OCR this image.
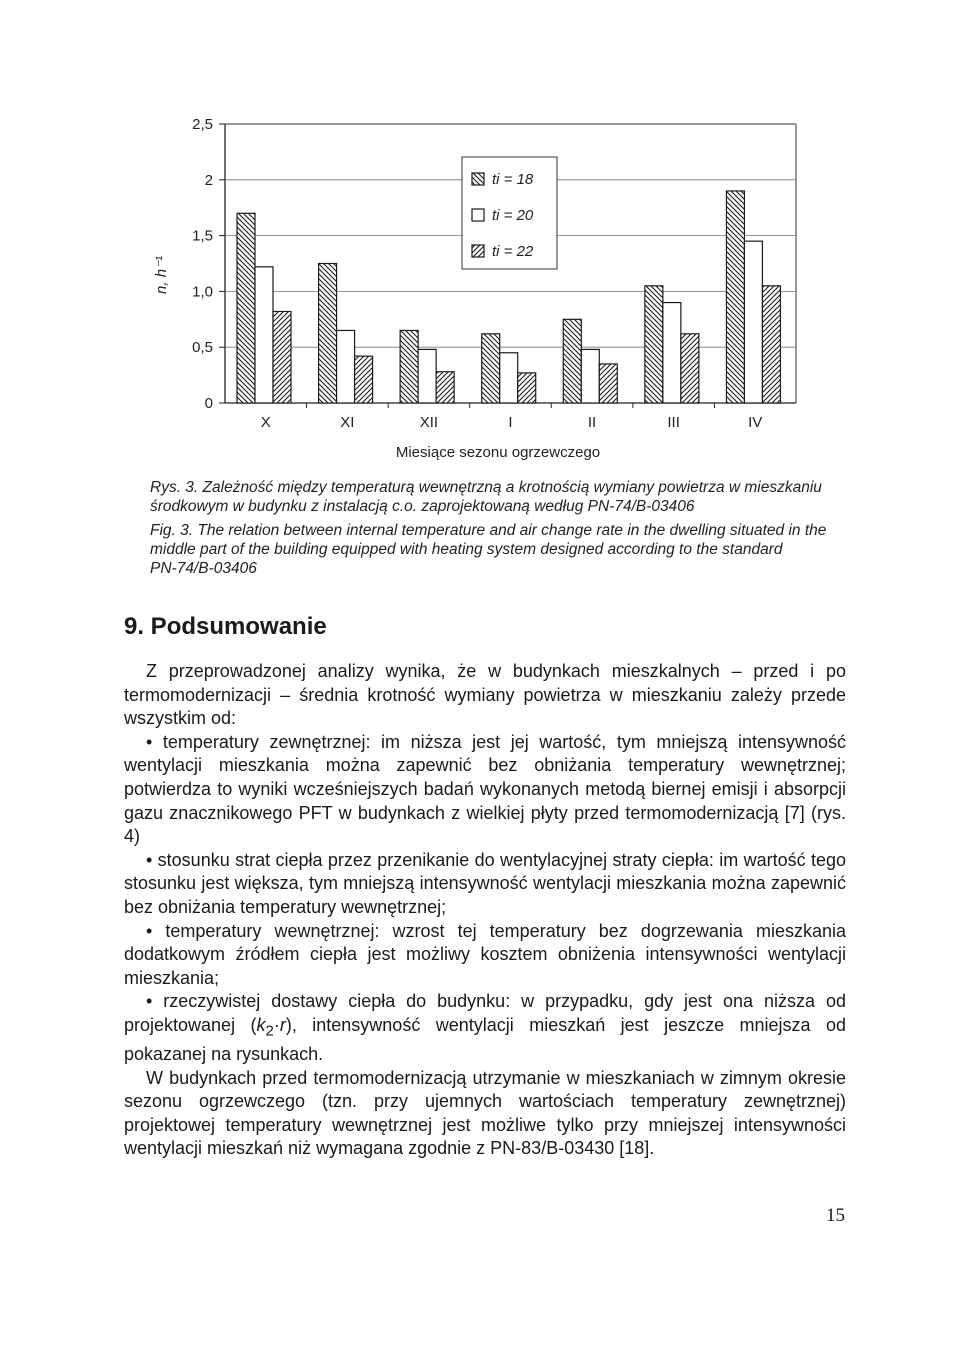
0
0,5
1,0
1,5
2
2,5
X	XI	XII	I	II	III	IV
n, h⁻¹
Miesiące sezonu ogrzewczego
ti = 18
ti = 20
ti = 22

Rys. 3. Zależność między temperaturą wewnętrzną a krotnością wymiany powietrza w mieszkaniu

środkowym w budynku z instalacją c.o. zaprojektowaną według PN-74/B-03406

Fig. 3. The relation between internal temperature and air change rate in the dwelling situated in the

middle part of the building equipped with heating system designed according to the standard

PN-74/B-03406

9. Podsumowanie

Z przeprowadzonej analizy wynika, że w budynkach mieszkalnych – przed i po termomodernizacji – średnia krotność wymiany powietrza w mieszkaniu zależy przede wszystkim od:

• temperatury zewnętrznej: im niższa jest jej wartość, tym mniejszą intensywność wentylacji mieszkania można zapewnić bez obniżania temperatury wewnętrznej; potwierdza to wyniki wcześniejszych badań wykonanych metodą biernej emisji i absorpcji gazu znacznikowego PFT w budynkach z wielkiej płyty przed termomodernizacją [7] (rys. 4)

• stosunku strat ciepła przez przenikanie do wentylacyjnej straty ciepła: im wartość tego stosunku jest większa, tym mniejszą intensywność wentylacji mieszkania można zapewnić bez obniżania temperatury wewnętrznej;

• temperatury wewnętrznej: wzrost tej temperatury bez dogrzewania mieszkania dodatkowym źródłem ciepła jest możliwy kosztem obniżenia intensywności wentylacji mieszkania;

• rzeczywistej dostawy ciepła do budynku: w przypadku, gdy jest ona niższa od projektowanej $(k_2\cdot r)$, intensywność wentylacji mieszkań jest jeszcze mniejsza od pokazanej na rysunkach.

W budynkach przed termomodernizacją utrzymanie w mieszkaniach w zimnym okresie sezonu ogrzewczego (tzn. przy ujemnych wartościach temperatury zewnętrznej) projektowej temperatury wewnętrznej jest możliwe tylko przy mniejszej intensywności wentylacji mieszkań niż wymagana zgodnie z PN-83/B-03430 [18].

15
